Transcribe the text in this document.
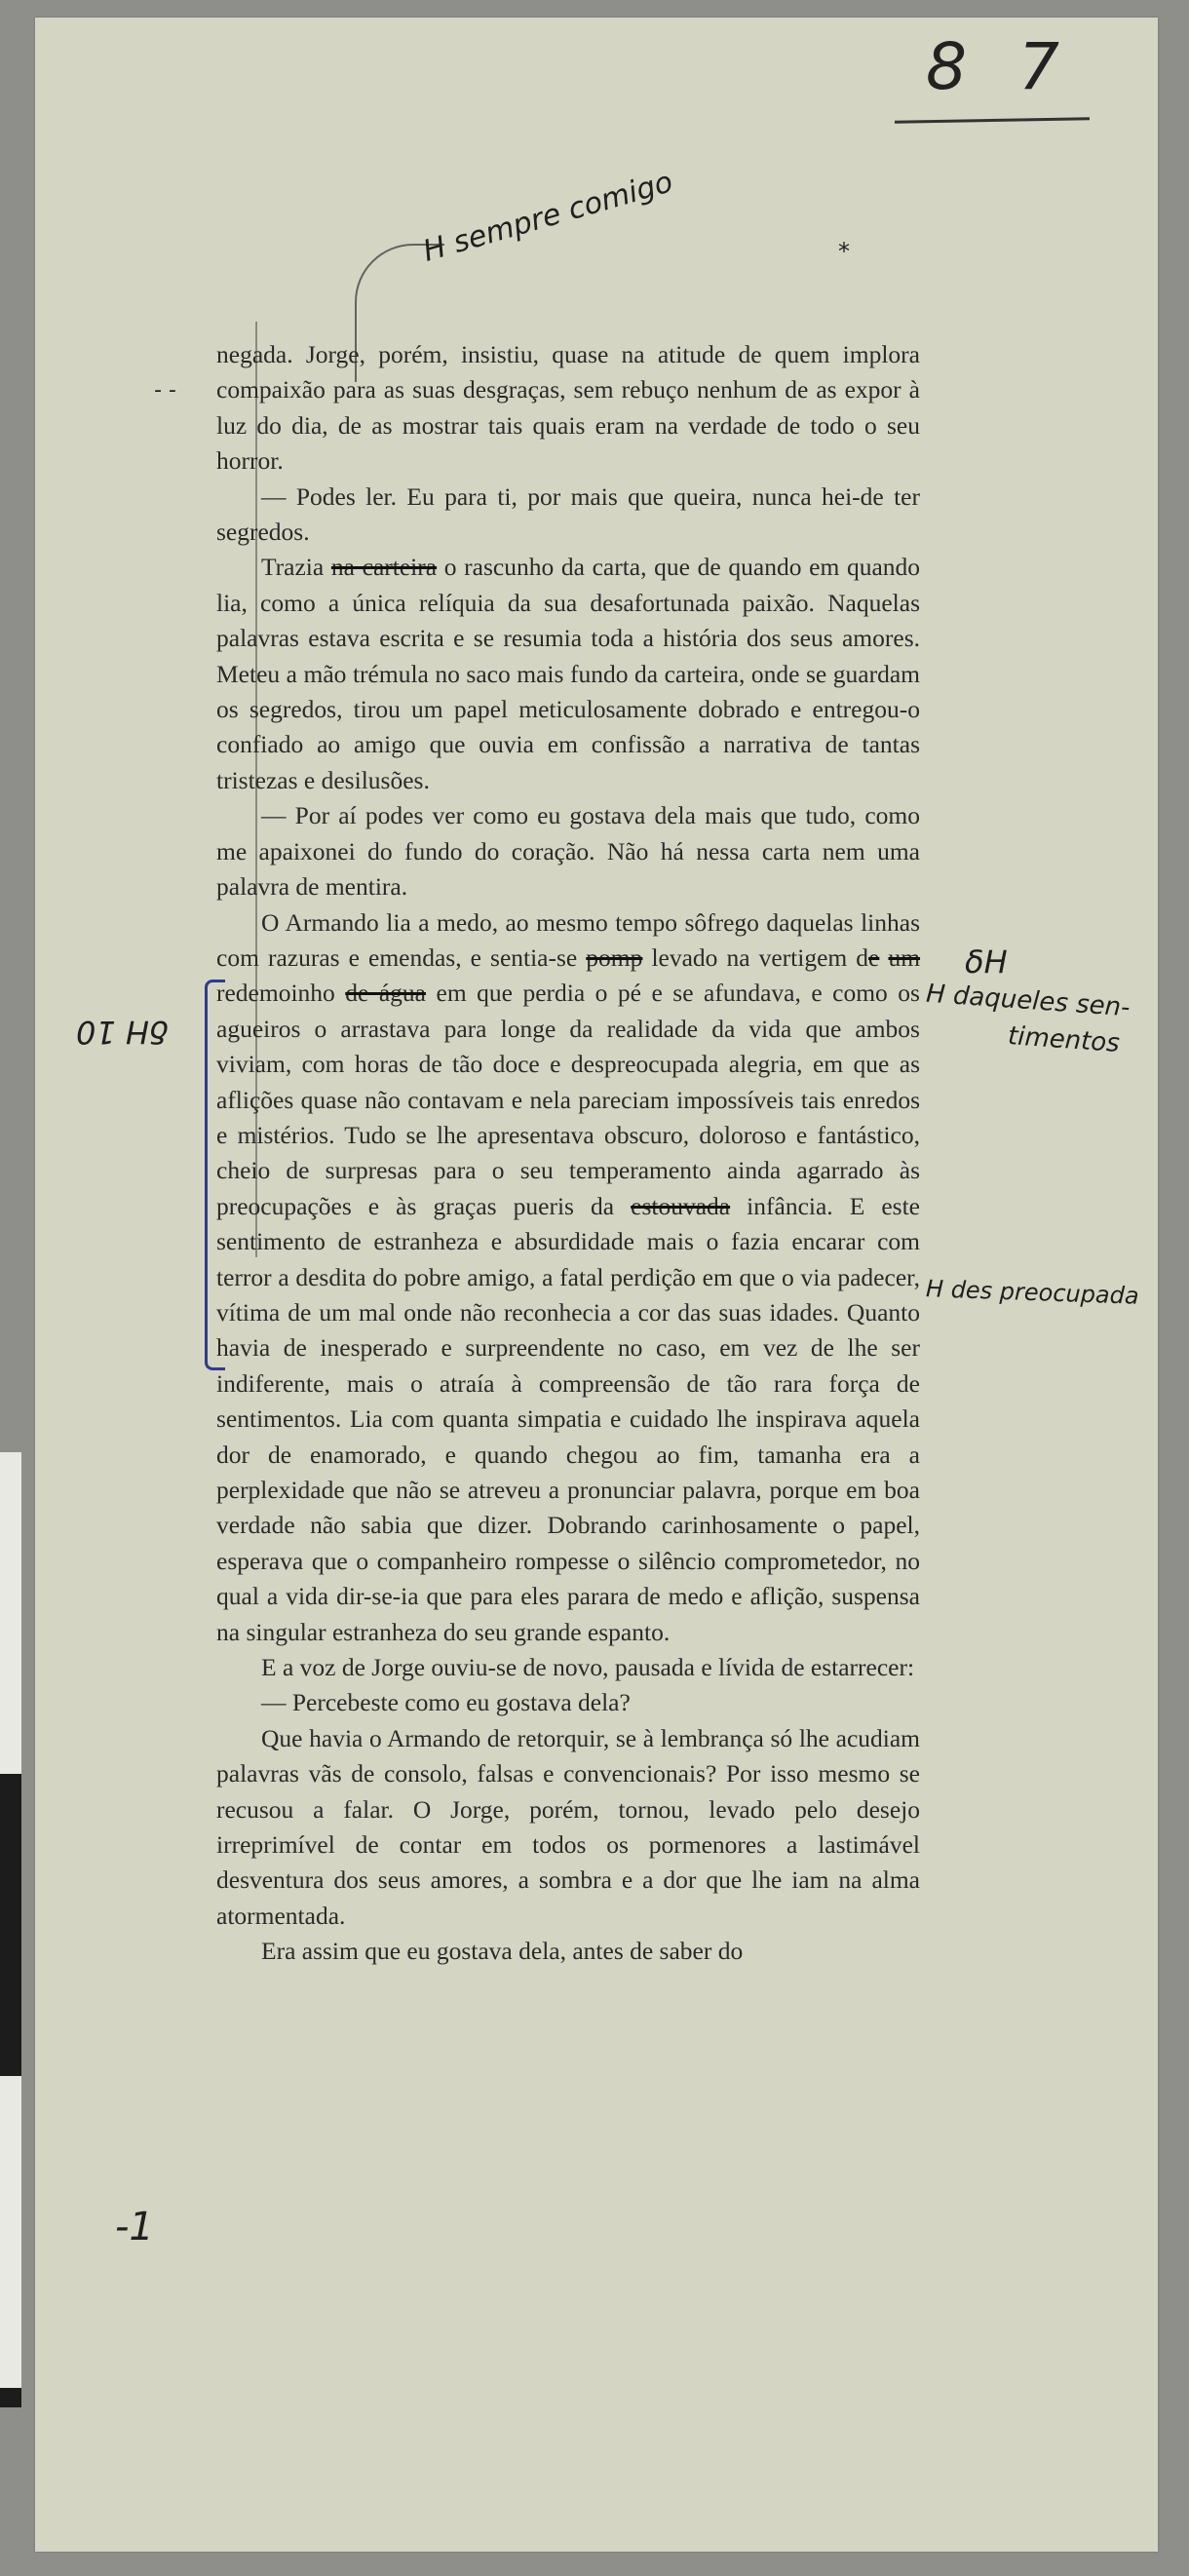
8 7
H sempre comigo	*
- -
δH 10
δH
H daqueles sen-
timentos
H des preocupada
-1

negada. Jorge, porém, insistiu, quase na atitude de quem implora compaixão para as suas desgraças, sem rebuço nenhum de as expor à luz do dia, de as mostrar tais quais eram na verdade de todo o seu horror.

— Podes ler. Eu para ti, por mais que queira, nunca hei-de ter segredos.

Trazia na carteira o rascunho da carta, que de quando em quando lia, como a única relíquia da sua desafortunada paixão. Naquelas palavras estava escrita e se resumia toda a história dos seus amores. Meteu a mão trémula no saco mais fundo da carteira, onde se guardam os segredos, tirou um papel meticulosamente dobrado e entregou-o confiado ao amigo que ouvia em confissão a narrativa de tantas tristezas e desilusões.

— Por aí podes ver como eu gostava dela mais que tudo, como me apaixonei do fundo do coração. Não há nessa carta nem uma palavra de mentira.

O Armando lia a medo, ao mesmo tempo sôfrego daquelas linhas com razuras e emendas, e sentia-se pomp levado na vertigem de um redemoinho de água em que perdia o pé e se afundava, e como os agueiros o arrastava para longe da realidade da vida que ambos viviam, com horas de tão doce e despreocupada alegria, em que as aflições quase não contavam e nela pareciam impossíveis tais enredos e mistérios. Tudo se lhe apresentava obscuro, doloroso e fantástico, cheio de surpresas para o seu temperamento ainda agarrado às preocupações e às graças pueris da estouvada infância. E este sentimento de estranheza e absurdidade mais o fazia encarar com terror a desdita do pobre amigo, a fatal perdição em que o via padecer, vítima de um mal onde não reconhecia a cor das suas idades. Quanto havia de inesperado e surpreendente no caso, em vez de lhe ser indiferente, mais o atraía à compreensão de tão rara força de sentimentos. Lia com quanta simpatia e cuidado lhe inspirava aquela dor de enamorado, e quando chegou ao fim, tamanha era a perplexidade que não se atreveu a pronunciar palavra, porque em boa verdade não sabia que dizer. Dobrando carinhosamente o papel, esperava que o companheiro rompesse o silêncio comprometedor, no qual a vida dir-se-ia que para eles parara de medo e aflição, suspensa na singular estranheza do seu grande espanto.

E a voz de Jorge ouviu-se de novo, pausada e lívida de estarrecer:

— Percebeste como eu gostava dela?

Que havia o Armando de retorquir, se à lembrança só lhe acudiam palavras vãs de consolo, falsas e convencionais? Por isso mesmo se recusou a falar. O Jorge, porém, tornou, levado pelo desejo irreprimível de contar em todos os pormenores a lastimável desventura dos seus amores, a sombra e a dor que lhe iam na alma atormentada.

Era assim que eu gostava dela, antes de saber do
